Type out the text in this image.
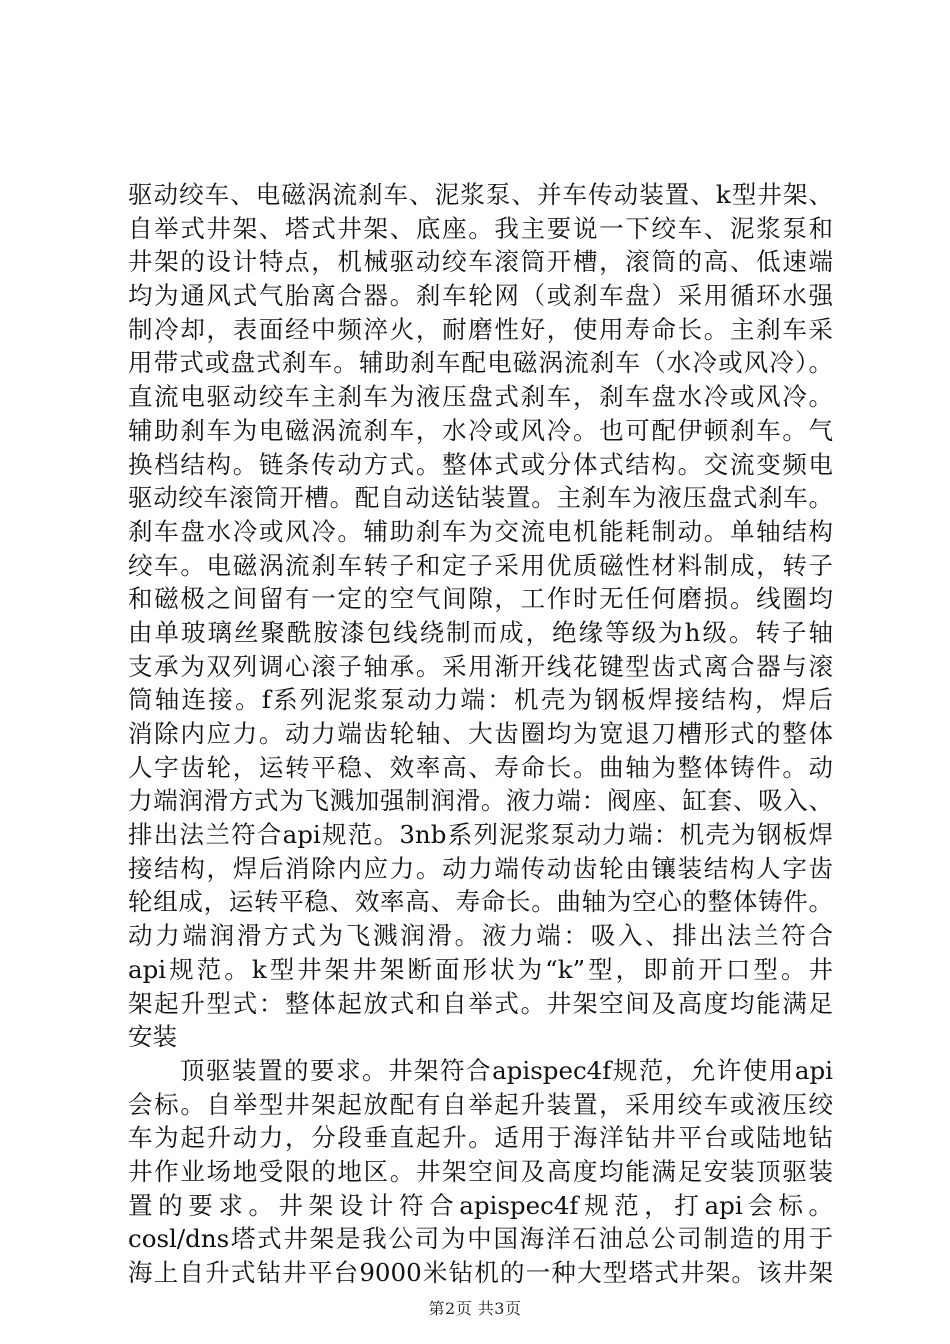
驱动绞车、电磁涡流刹车、泥浆泵、并车传动装置、k型井架、
自举式井架、塔式井架、底座。我主要说一下绞车、泥浆泵和
井架的设计特点，机械驱动绞车滚筒开槽，滚筒的高、低速端
均为通风式气胎离合器。刹车轮网（或刹车盘）采用循环水强
制冷却，表面经中频淬火，耐磨性好，使用寿命长。主刹车采
用带式或盘式刹车。辅助刹车配电磁涡流刹车（水冷或风冷）。
直流电驱动绞车主刹车为液压盘式刹车，刹车盘水冷或风冷。
辅助刹车为电磁涡流刹车，水冷或风冷。也可配伊顿刹车。气
换档结构。链条传动方式。整体式或分体式结构。交流变频电
驱动绞车滚筒开槽。配自动送钻装置。主刹车为液压盘式刹车。
刹车盘水冷或风冷。辅助刹车为交流电机能耗制动。单轴结构
绞车。电磁涡流刹车转子和定子采用优质磁性材料制成，转子
和磁极之间留有一定的空气间隙，工作时无任何磨损。线圈均
由单玻璃丝聚酰胺漆包线绕制而成，绝缘等级为h级。转子轴
支承为双列调心滚子轴承。采用渐开线花键型齿式离合器与滚
筒轴连接。f系列泥浆泵动力端：机壳为钢板焊接结构，焊后
消除内应力。动力端齿轮轴、大齿圈均为宽退刀槽形式的整体
人字齿轮，运转平稳、效率高、寿命长。曲轴为整体铸件。动
力端润滑方式为飞溅加强制润滑。液力端：阀座、缸套、吸入、
排出法兰符合api规范。3nb系列泥浆泵动力端：机壳为钢板焊
接结构，焊后消除内应力。动力端传动齿轮由镶装结构人字齿
轮组成，运转平稳、效率高、寿命长。曲轴为空心的整体铸件。
动力端润滑方式为飞溅润滑。液力端：吸入、排出法兰符合
api规范。k型井架井架断面形状为“k”型，即前开口型。井
架起升型式：整体起放式和自举式。井架空间及高度均能满足
安装
顶驱装置的要求。井架符合apispec4f规范，允许使用api
会标。自举型井架起放配有自举起升装置，采用绞车或液压绞
车为起升动力，分段垂直起升。适用于海洋钻井平台或陆地钻
井作业场地受限的地区。井架空间及高度均能满足安装顶驱装
置的要求。井架设计符合apispec4f规范，打api会标。
cosl/dns塔式井架是我公司为中国海洋石油总公司制造的用于
海上自升式钻井平台9000米钻机的一种大型塔式井架。该井架
第2页 共3页
